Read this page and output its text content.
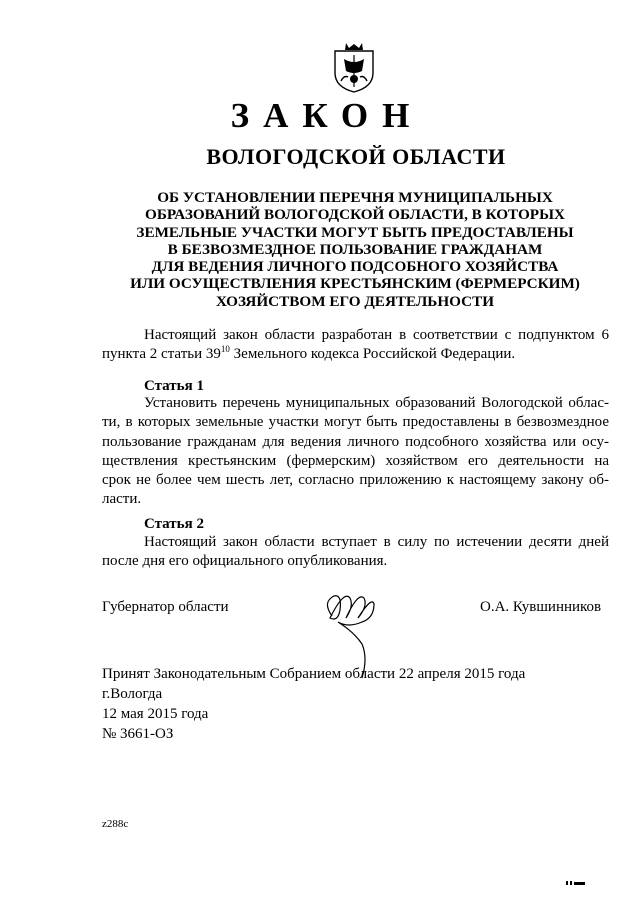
ЗАКОН
ВОЛОГОДСКОЙ ОБЛАСТИ
ОБ УСТАНОВЛЕНИИ ПЕРЕЧНЯ МУНИЦИПАЛЬНЫХ
ОБРАЗОВАНИЙ ВОЛОГОДСКОЙ ОБЛАСТИ, В КОТОРЫХ
ЗЕМЕЛЬНЫЕ УЧАСТКИ МОГУТ БЫТЬ ПРЕДОСТАВЛЕНЫ
В БЕЗВОЗМЕЗДНОЕ ПОЛЬЗОВАНИЕ ГРАЖДАНАМ
ДЛЯ ВЕДЕНИЯ ЛИЧНОГО ПОДСОБНОГО ХОЗЯЙСТВА
ИЛИ ОСУЩЕСТВЛЕНИЯ КРЕСТЬЯНСКИМ (ФЕРМЕРСКИМ)
ХОЗЯЙСТВОМ ЕГО ДЕЯТЕЛЬНОСТИ
Настоящий закон области разработан в соответствии с подпунктом 6
пункта 2 статьи $39^{10}$ Земельного кодекса Российской Федерации.
Статья 1
Установить перечень муниципальных образований Вологодской облас-
ти, в которых земельные участки могут быть предоставлены в безвозмездное
пользование гражданам для ведения личного подсобного хозяйства или осу-
ществления крестьянским (фермерским) хозяйством его деятельности на
срок не более чем шесть лет, согласно приложению к настоящему закону об-
ласти.
Статья 2
Настоящий закон области вступает в силу по истечении десяти дней
после дня его официального опубликования.
Губернатор области	О.А. Кувшинников
Принят Законодательным Собранием области 22 апреля 2015 года
г.Вологда
12 мая 2015 года
№ 3661-ОЗ
z288c
